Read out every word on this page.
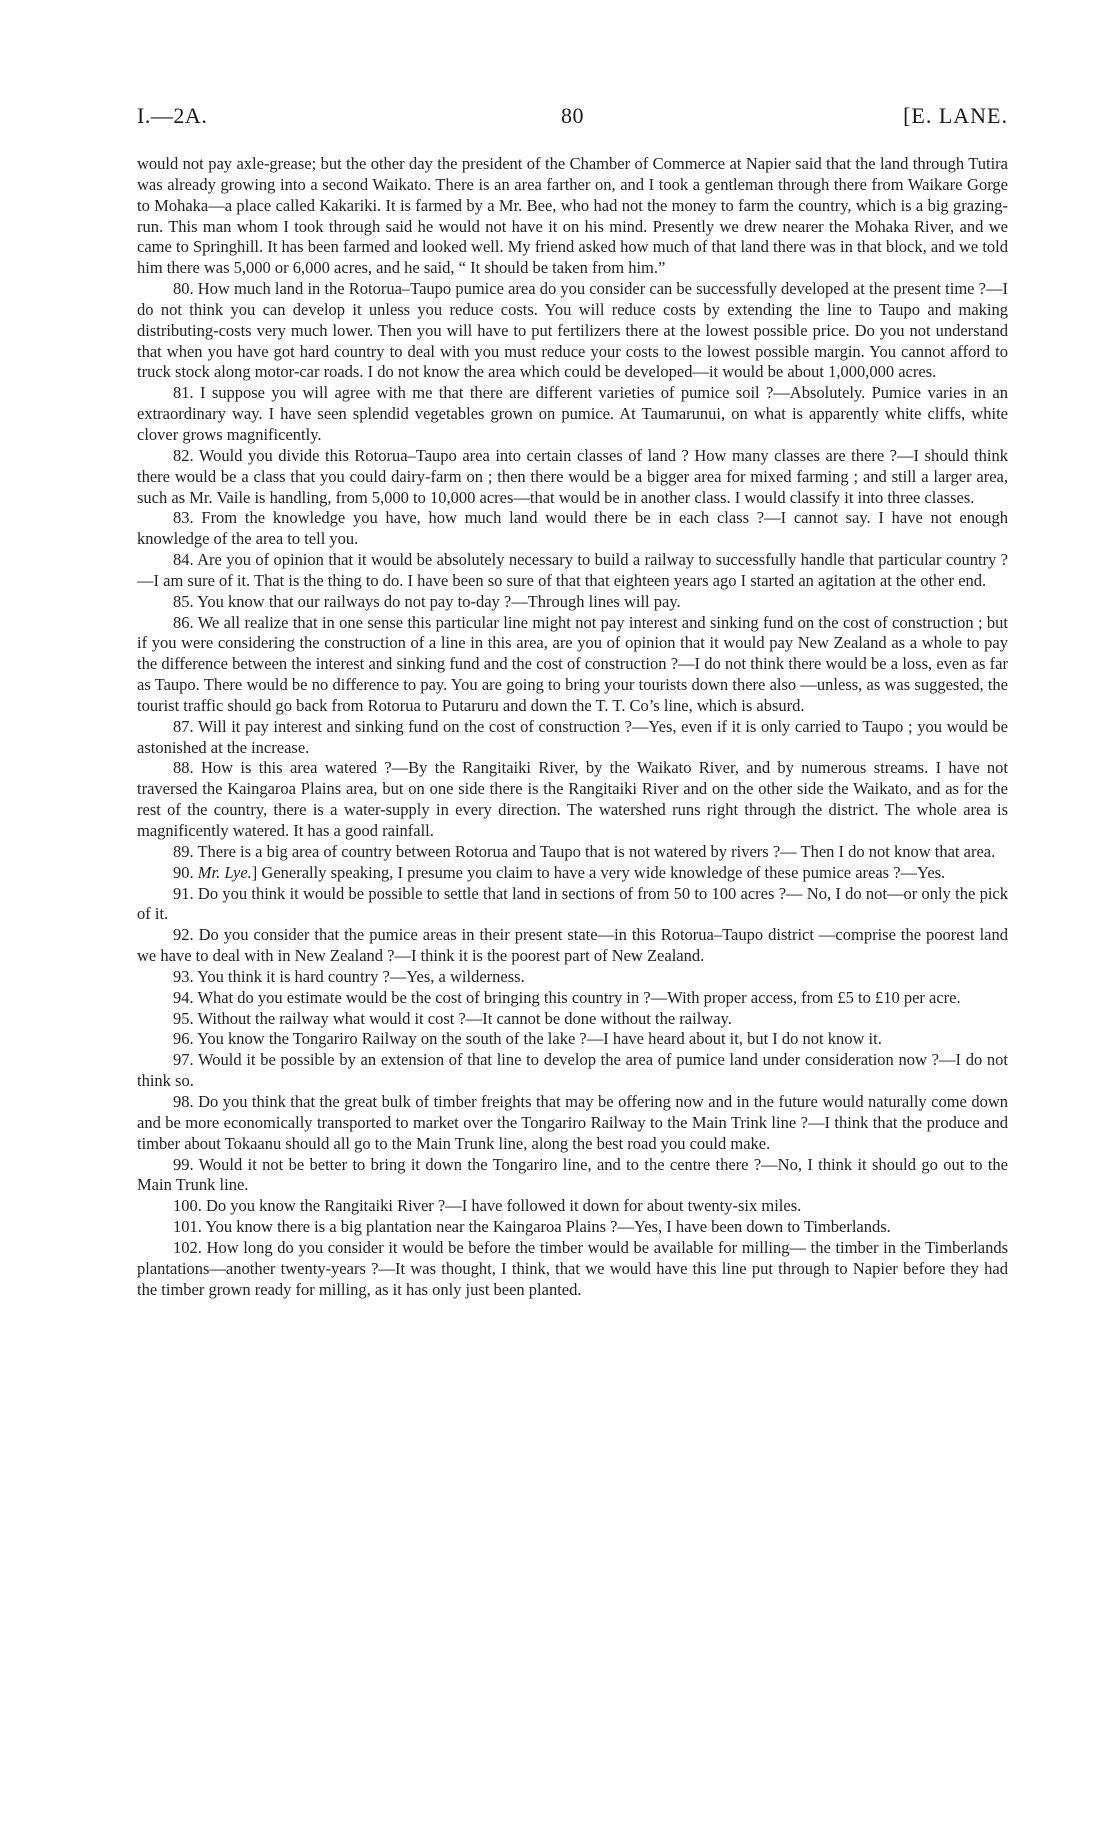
I.—2A.	80	[E. LANE.

would not pay axle-grease; but the other day the president of the Chamber of Commerce at Napier said that the land through Tutira was already growing into a second Waikato. There is an area farther on, and I took a gentleman through there from Waikare Gorge to Mohaka—a place called Kakariki. It is farmed by a Mr. Bee, who had not the money to farm the country, which is a big grazing-run. This man whom I took through said he would not have it on his mind. Presently we drew nearer the Mohaka River, and we came to Springhill. It has been farmed and looked well. My friend asked how much of that land there was in that block, and we told him there was 5,000 or 6,000 acres, and he said, “ It should be taken from him.”

80. How much land in the Rotorua–Taupo pumice area do you consider can be successfully developed at the present time ?—I do not think you can develop it unless you reduce costs. You will reduce costs by extending the line to Taupo and making distributing-costs very much lower. Then you will have to put fertilizers there at the lowest possible price. Do you not understand that when you have got hard country to deal with you must reduce your costs to the lowest possible margin. You cannot afford to truck stock along motor-car roads. I do not know the area which could be developed—it would be about 1,000,000 acres.

81. I suppose you will agree with me that there are different varieties of pumice soil ?—Absolutely. Pumice varies in an extraordinary way. I have seen splendid vegetables grown on pumice. At Taumarunui, on what is apparently white cliffs, white clover grows magnificently.

82. Would you divide this Rotorua–Taupo area into certain classes of land ? How many classes are there ?—I should think there would be a class that you could dairy-farm on ; then there would be a bigger area for mixed farming ; and still a larger area, such as Mr. Vaile is handling, from 5,000 to 10,000 acres—that would be in another class. I would classify it into three classes.

83. From the knowledge you have, how much land would there be in each class ?—I cannot say. I have not enough knowledge of the area to tell you.

84. Are you of opinion that it would be absolutely necessary to build a railway to successfully handle that particular country ?—I am sure of it. That is the thing to do. I have been so sure of that that eighteen years ago I started an agitation at the other end.

85. You know that our railways do not pay to-day ?—Through lines will pay.

86. We all realize that in one sense this particular line might not pay interest and sinking fund on the cost of construction ; but if you were considering the construction of a line in this area, are you of opinion that it would pay New Zealand as a whole to pay the difference between the interest and sinking fund and the cost of construction ?—I do not think there would be a loss, even as far as Taupo. There would be no difference to pay. You are going to bring your tourists down there also —unless, as was suggested, the tourist traffic should go back from Rotorua to Putaruru and down the T. T. Co’s line, which is absurd.

87. Will it pay interest and sinking fund on the cost of construction ?—Yes, even if it is only carried to Taupo ; you would be astonished at the increase.

88. How is this area watered ?—By the Rangitaiki River, by the Waikato River, and by numerous streams. I have not traversed the Kaingaroa Plains area, but on one side there is the Rangitaiki River and on the other side the Waikato, and as for the rest of the country, there is a water-supply in every direction. The watershed runs right through the district. The whole area is magnificently watered. It has a good rainfall.

89. There is a big area of country between Rotorua and Taupo that is not watered by rivers ?— Then I do not know that area.

90. Mr. Lye.] Generally speaking, I presume you claim to have a very wide knowledge of these pumice areas ?—Yes.

91. Do you think it would be possible to settle that land in sections of from 50 to 100 acres ?— No, I do not—or only the pick of it.

92. Do you consider that the pumice areas in their present state—in this Rotorua–Taupo district —comprise the poorest land we have to deal with in New Zealand ?—I think it is the poorest part of New Zealand.

93. You think it is hard country ?—Yes, a wilderness.

94. What do you estimate would be the cost of bringing this country in ?—With proper access, from £5 to £10 per acre.

95. Without the railway what would it cost ?—It cannot be done without the railway.

96. You know the Tongariro Railway on the south of the lake ?—I have heard about it, but I do not know it.

97. Would it be possible by an extension of that line to develop the area of pumice land under consideration now ?—I do not think so.

98. Do you think that the great bulk of timber freights that may be offering now and in the future would naturally come down and be more economically transported to market over the Tongariro Railway to the Main Trink line ?—I think that the produce and timber about Tokaanu should all go to the Main Trunk line, along the best road you could make.

99. Would it not be better to bring it down the Tongariro line, and to the centre there ?—No, I think it should go out to the Main Trunk line.

100. Do you know the Rangitaiki River ?—I have followed it down for about twenty-six miles.

101. You know there is a big plantation near the Kaingaroa Plains ?—Yes, I have been down to Timberlands.

102. How long do you consider it would be before the timber would be available for milling— the timber in the Timberlands plantations—another twenty-years ?—It was thought, I think, that we would have this line put through to Napier before they had the timber grown ready for milling, as it has only just been planted.
